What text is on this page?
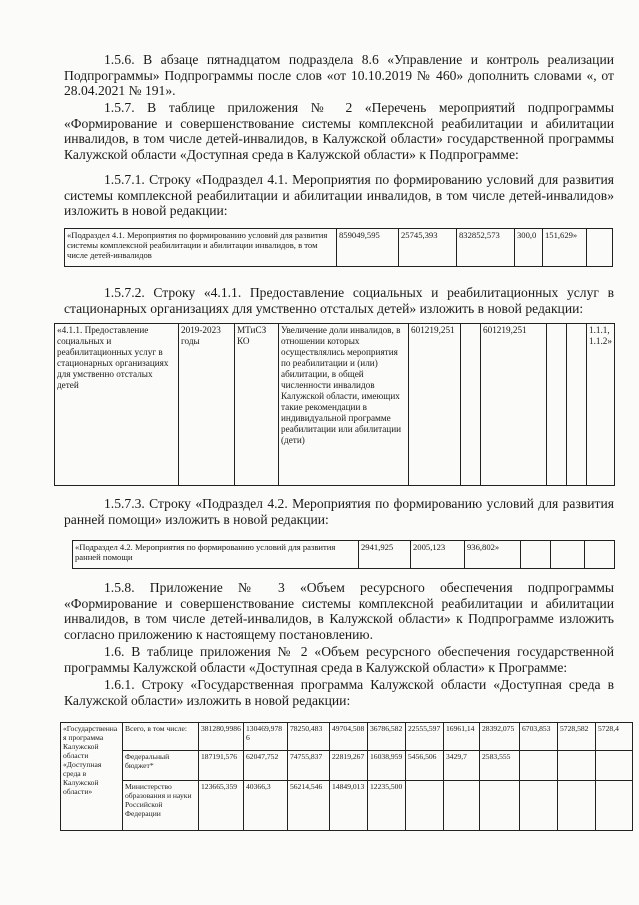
1.5.6. В абзаце пятнадцатом подраздела 8.6 «Управление и контроль реализации Подпрограммы» Подпрограммы после слов «от 10.10.2019 № 460» дополнить словами «, от 28.04.2021 № 191».

1.5.7. В таблице приложения № 2 «Перечень мероприятий подпрограммы «Формирование и совершенствование системы комплексной реабилитации и абилитации инвалидов, в том числе детей-инвалидов, в Калужской области» государственной программы Калужской области «Доступная среда в Калужской области» к Подпрограмме:

1.5.7.1. Строку «Подраздел 4.1. Мероприятия по формированию условий для развития системы комплексной реабилитации и абилитации инвалидов, в том числе детей-инвалидов» изложить в новой редакции:

«Подраздел 4.1. Мероприятия по формированию условий для развития системы комплексной реабилитации и абилитации инвалидов, в том числе детей-инвалидов	859049,595	25745,393	832852,573	300,0	151,629»	

1.5.7.2. Строку «4.1.1. Предоставление социальных и реабилитационных услуг в стационарных организациях для умственно отсталых детей» изложить в новой редакции:

«4.1.1. Предоставление социальных и реабилитационных услуг в стационарных организациях для умственно отсталых детей	2019-2023 годы	МТиСЗ КО	Увеличение доли инвалидов, в отношении которых осуществлялись мероприятия по реабилитации и (или) абилитации, в общей численности инвалидов Калужской области, имеющих такие рекомендации в индивидуальной программе реабилитации или абилитации (дети)	601219,251		601219,251			1.1.1, 1.1.2»

1.5.7.3. Строку «Подраздел 4.2. Мероприятия по формированию условий для развития ранней помощи» изложить в новой редакции:

«Подраздел 4.2. Мероприятия по формированию условий для развития ранней помощи	2941,925	2005,123	936,802»			

1.5.8. Приложение № 3 «Объем ресурсного обеспечения подпрограммы «Формирование и совершенствование системы комплексной реабилитации и абилитации инвалидов, в том числе детей-инвалидов, в Калужской области» к Подпрограмме изложить согласно приложению к настоящему постановлению.

1.6. В таблице приложения № 2 «Объем ресурсного обеспечения государственной программы Калужской области «Доступная среда в Калужской области» к Программе:

1.6.1. Строку «Государственная программа Калужской области «Доступная среда в Калужской области» изложить в новой редакции:

«Государственная программа Калужской области «Доступная среда в Калужской области»	Всего, в том числе:	381280,9986	130469,9786	78250,483	49704,508	36786,582	22555,597	16961,14	28392,075	6703,853	5728,582	5728,4
	Федеральный бюджет*	187191,576	62047,752	74755,837	22819,267	16038,959	5456,506	3429,7	2583,555			
	Министерство образования и науки Российской Федерации	123665,359	40366,3	56214,546	14849,013	12235,500						
